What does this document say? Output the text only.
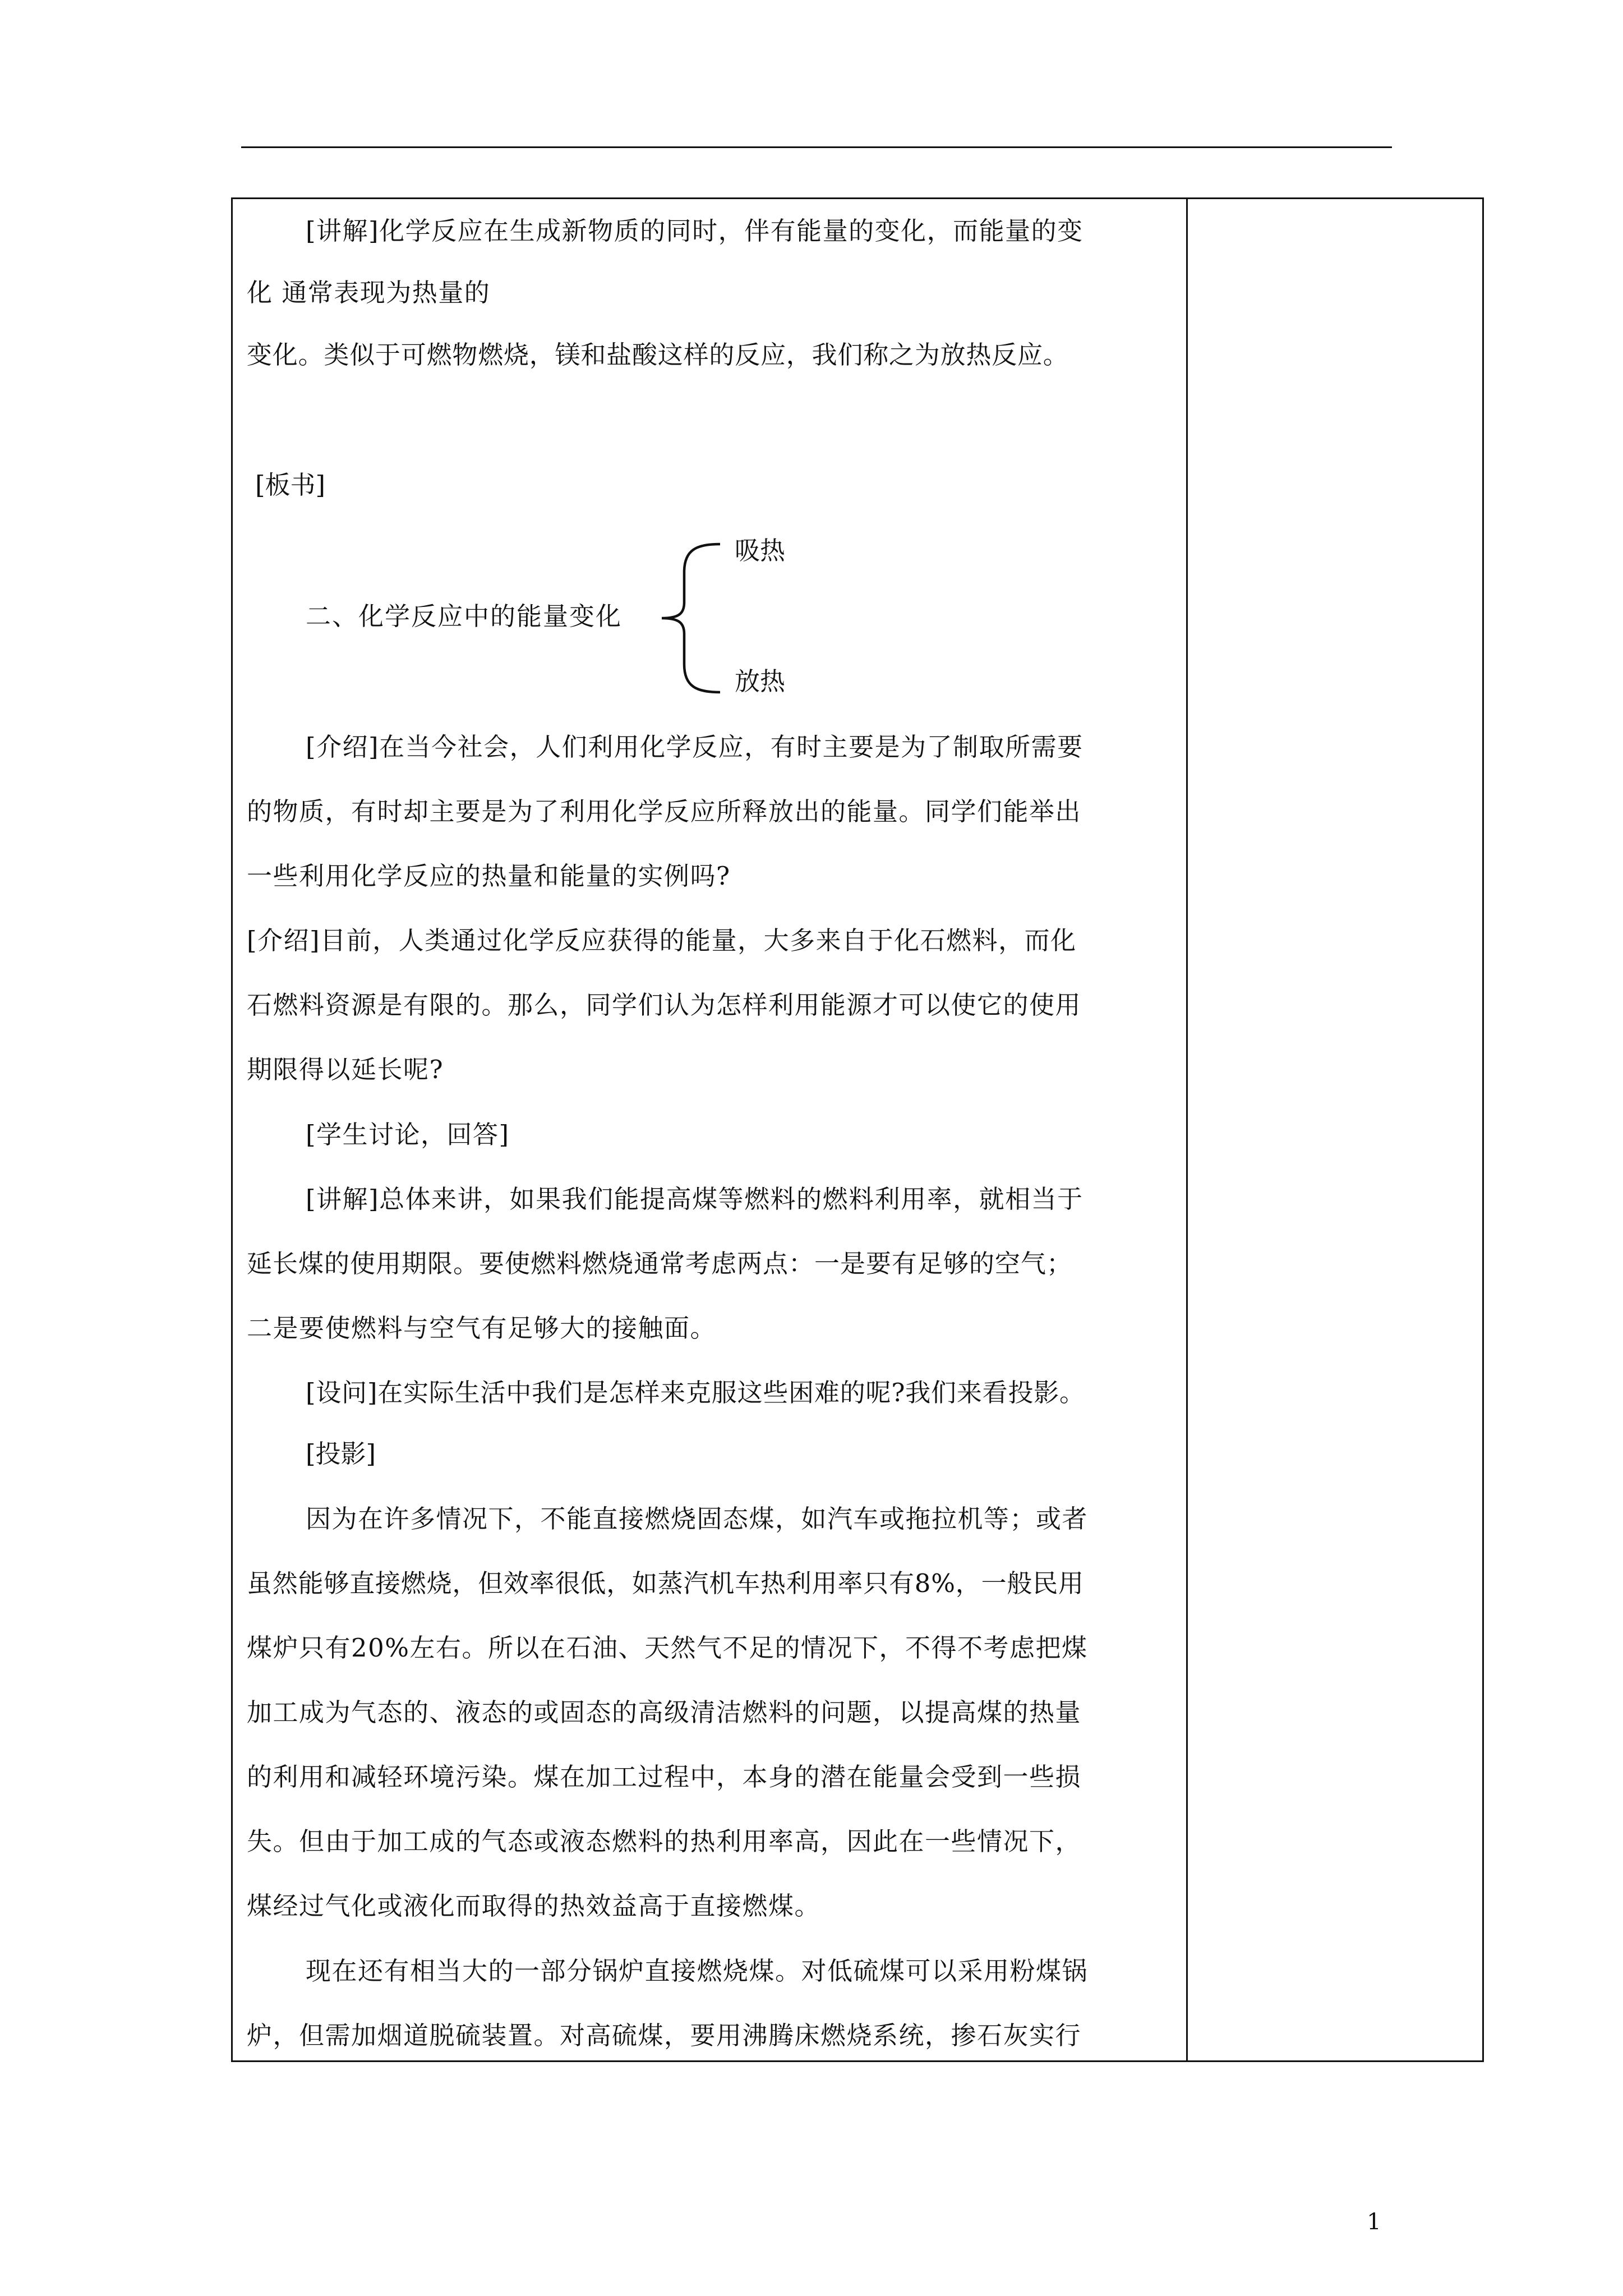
[讲解]化学反应在生成新物质的同时，伴有能量的变化，而能量的变

化 通常表现为热量的

变化。类似于可燃物燃烧，镁和盐酸这样的反应，我们称之为放热反应。

[板书]

吸热

二、化学反应中的能量变化

放热

[介绍]在当今社会，人们利用化学反应，有时主要是为了制取所需要

的物质，有时却主要是为了利用化学反应所释放出的能量。同学们能举出

一些利用化学反应的热量和能量的实例吗?

[介绍]目前，人类通过化学反应获得的能量，大多来自于化石燃料，而化

石燃料资源是有限的。那么，同学们认为怎样利用能源才可以使它的使用

期限得以延长呢?

[学生讨论，回答]

[讲解]总体来讲，如果我们能提高煤等燃料的燃料利用率，就相当于

延长煤的使用期限。要使燃料燃烧通常考虑两点：一是要有足够的空气；

二是要使燃料与空气有足够大的接触面。

[设问]在实际生活中我们是怎样来克服这些困难的呢?我们来看投影。

[投影]

因为在许多情况下，不能直接燃烧固态煤，如汽车或拖拉机等；或者

虽然能够直接燃烧，但效率很低，如蒸汽机车热利用率只有8%，一般民用

煤炉只有20%左右。所以在石油、天然气不足的情况下，不得不考虑把煤

加工成为气态的、液态的或固态的高级清洁燃料的问题，以提高煤的热量

的利用和减轻环境污染。煤在加工过程中，本身的潜在能量会受到一些损

失。但由于加工成的气态或液态燃料的热利用率高，因此在一些情况下，

煤经过气化或液化而取得的热效益高于直接燃煤。

现在还有相当大的一部分锅炉直接燃烧煤。对低硫煤可以采用粉煤锅

炉，但需加烟道脱硫装置。对高硫煤，要用沸腾床燃烧系统，掺石灰实行

1
